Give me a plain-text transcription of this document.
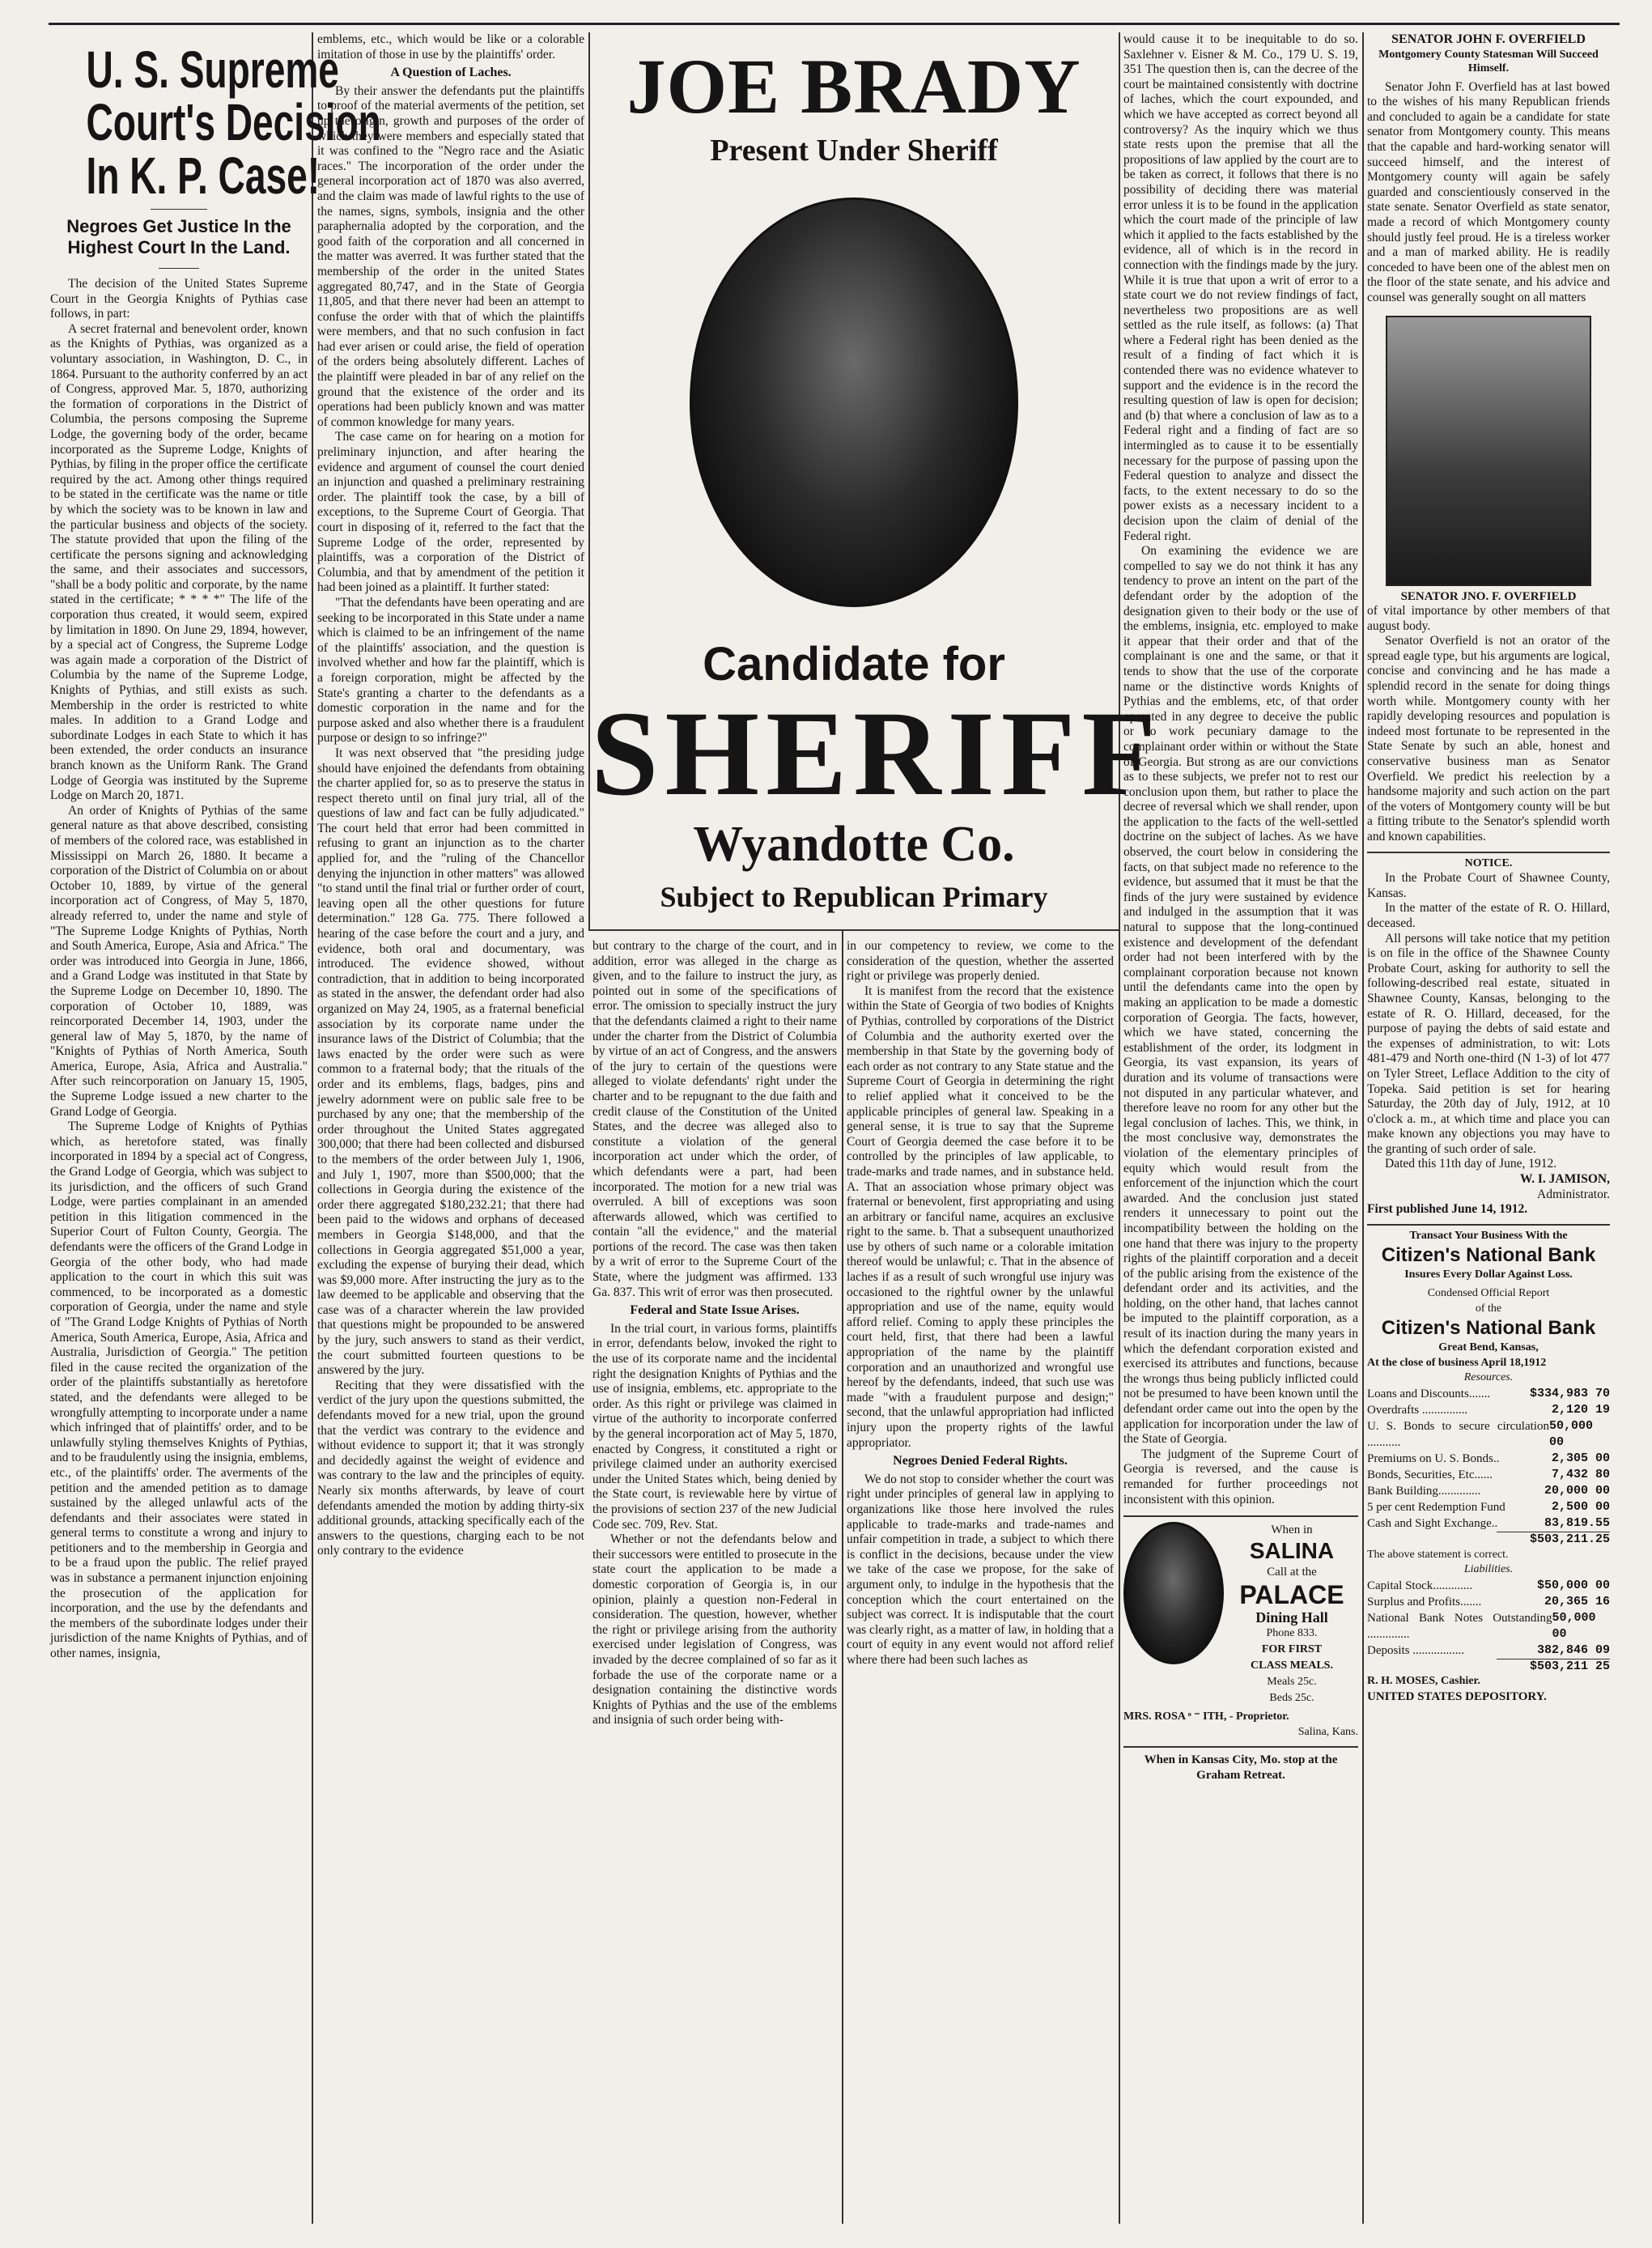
U. S. Supreme
Court's Decision
In K. P. Case!
Negroes Get Justice In the Highest Court In the Land.

The decision of the United States Supreme Court in the Georgia Knights of Pythias case follows, in part:

A secret fraternal and benevolent order, known as the Knights of Pythias, was organized as a voluntary association, in Washington, D. C., in 1864. Pursuant to the authority conferred by an act of Congress, approved Mar. 5, 1870, authorizing the formation of corporations in the District of Columbia, the persons composing the Supreme Lodge, the governing body of the order, became incorporated as the Supreme Lodge, Knights of Pythias, by filing in the proper office the certificate required by the act. Among other things required to be stated in the certificate was the name or title by which the society was to be known in law and the particular business and objects of the society. The statute provided that upon the filing of the certificate the persons signing and acknowledging the same, and their associates and successors, "shall be a body politic and corporate, by the name stated in the certificate; * * * *" The life of the corporation thus created, it would seem, expired by limitation in 1890. On June 29, 1894, however, by a special act of Congress, the Supreme Lodge was again made a corporation of the District of Columbia by the name of the Supreme Lodge, Knights of Pythias, and still exists as such. Membership in the order is restricted to white males. In addition to a Grand Lodge and subordinate Lodges in each State to which it has been extended, the order conducts an insurance branch known as the Uniform Rank. The Grand Lodge of Georgia was instituted by the Supreme Lodge on March 20, 1871.

An order of Knights of Pythias of the same general nature as that above described, consisting of members of the colored race, was established in Mississippi on March 26, 1880. It became a corporation of the District of Columbia on or about October 10, 1889, by virtue of the general incorporation act of Congress, of May 5, 1870, already referred to, under the name and style of "The Supreme Lodge Knights of Pythias, North and South America, Europe, Asia and Africa." The order was introduced into Georgia in June, 1866, and a Grand Lodge was instituted in that State by the Supreme Lodge on December 10, 1890. The corporation of October 10, 1889, was reincorporated December 14, 1903, under the general law of May 5, 1870, by the name of "Knights of Pythias of North America, South America, Europe, Asia, Africa and Australia." After such reincorporation on January 15, 1905, the Supreme Lodge issued a new charter to the Grand Lodge of Georgia.

The Supreme Lodge of Knights of Pythias which, as heretofore stated, was finally incorporated in 1894 by a special act of Congress, the Grand Lodge of Georgia, which was subject to its jurisdiction, and the officers of such Grand Lodge, were parties complainant in an amended petition in this litigation commenced in the Superior Court of Fulton County, Georgia. The defendants were the officers of the Grand Lodge in Georgia of the other body, who had made application to the court in which this suit was commenced, to be incorporated as a domestic corporation of Georgia, under the name and style of "The Grand Lodge Knights of Pythias of North America, South America, Europe, Asia, Africa and Australia, Jurisdiction of Georgia." The petition filed in the cause recited the organization of the order of the plaintiffs substantially as heretofore stated, and the defendants were alleged to be wrongfully attempting to incorporate under a name which infringed that of plaintiffs' order, and to be unlawfully styling themselves Knights of Pythias, and to be fraudulently using the insignia, emblems, etc., of the plaintiffs' order. The averments of the petition and the amended petition as to damage sustained by the alleged unlawful acts of the defendants and their associates were stated in general terms to constitute a wrong and injury to petitioners and to the membership in Georgia and to be a fraud upon the public. The relief prayed was in substance a permanent injunction enjoining the prosecution of the application for incorporation, and the use by the defendants and the members of the subordinate lodges under their jurisdiction of the name Knights of Pythias, and of other names, insignia,

emblems, etc., which would be like or a colorable imitation of those in use by the plaintiffs' order.

A Question of Laches.

By their answer the defendants put the plaintiffs to proof of the material averments of the petition, set up the origin, growth and purposes of the order of which they were members and especially stated that it was confined to the "Negro race and the Asiatic races." The incorporation of the order under the general incorporation act of 1870 was also averred, and the claim was made of lawful rights to the use of the names, signs, symbols, insignia and the other paraphernalia adopted by the corporation, and the good faith of the corporation and all concerned in the matter was averred. It was further stated that the membership of the order in the united States aggregated 80,747, and in the State of Georgia 11,805, and that there never had been an attempt to confuse the order with that of which the plaintiffs were members, and that no such confusion in fact had ever arisen or could arise, the field of operation of the orders being absolutely different. Laches of the plaintiff were pleaded in bar of any relief on the ground that the existence of the order and its operations had been publicly known and was matter of common knowledge for many years.

The case came on for hearing on a motion for preliminary injunction, and after hearing the evidence and argument of counsel the court denied an injunction and quashed a preliminary restraining order. The plaintiff took the case, by a bill of exceptions, to the Supreme Court of Georgia. That court in disposing of it, referred to the fact that the Supreme Lodge of the order, represented by plaintiffs, was a corporation of the District of Columbia, and that by amendment of the petition it had been joined as a plaintiff. It further stated:

"That the defendants have been operating and are seeking to be incorporated in this State under a name which is claimed to be an infringement of the name of the plaintiffs' association, and the question is involved whether and how far the plaintiff, which is a foreign corporation, might be affected by the State's granting a charter to the defendants as a domestic corporation in the name and for the purpose asked and also whether there is a fraudulent purpose or design to so infringe?"

It was next observed that "the presiding judge should have enjoined the defendants from obtaining the charter applied for, so as to preserve the status in respect thereto until on final jury trial, all of the questions of law and fact can be fully adjudicated." The court held that error had been committed in refusing to grant an injunction as to the charter applied for, and the "ruling of the Chancellor denying the injunction in other matters" was allowed "to stand until the final trial or further order of court, leaving open all the other questions for future determination." 128 Ga. 775. There followed a hearing of the case before the court and a jury, and evidence, both oral and documentary, was introduced. The evidence showed, without contradiction, that in addition to being incorporated as stated in the answer, the defendant order had also organized on May 24, 1905, as a fraternal beneficial association by its corporate name under the insurance laws of the District of Columbia; that the laws enacted by the order were such as were common to a fraternal body; that the rituals of the order and its emblems, flags, badges, pins and jewelry adornment were on public sale free to be purchased by any one; that the membership of the order throughout the United States aggregated 300,000; that there had been collected and disbursed to the members of the order between July 1, 1906, and July 1, 1907, more than $500,000; that the collections in Georgia during the existence of the order there aggregated $180,232.21; that there had been paid to the widows and orphans of deceased members in Georgia $148,000, and that the collections in Georgia aggregated $51,000 a year, excluding the expense of burying their dead, which was $9,000 more. After instructing the jury as to the law deemed to be applicable and observing that the case was of a character wherein the law provided that questions might be propounded to be answered by the jury, such answers to stand as their verdict, the court submitted fourteen questions to be answered by the jury.

Reciting that they were dissatisfied with the verdict of the jury upon the questions submitted, the defendants moved for a new trial, upon the ground that the verdict was contrary to the evidence and without evidence to support it; that it was strongly and decidedly against the weight of evidence and was contrary to the law and the principles of equity. Nearly six months afterwards, by leave of court defendants amended the motion by adding thirty-six additional grounds, attacking specifically each of the answers to the questions, charging each to be not only contrary to the evidence

JOE BRADY
Present Under Sheriff
Candidate for
SHERIFF
Wyandotte Co.
Subject to Republican Primary

but contrary to the charge of the court, and in addition, error was alleged in the charge as given, and to the failure to instruct the jury, as pointed out in some of the specifications of error. The omission to specially instruct the jury that the defendants claimed a right to their name under the charter from the District of Columbia by virtue of an act of Congress, and the answers of the jury to certain of the questions were alleged to violate defendants' right under the charter and to be repugnant to the due faith and credit clause of the Constitution of the United States, and the decree was alleged also to constitute a violation of the general incorporation act under which the order, of which defendants were a part, had been incorporated. The motion for a new trial was overruled. A bill of exceptions was soon afterwards allowed, which was certified to contain "all the evidence," and the material portions of the record. The case was then taken by a writ of error to the Supreme Court of the State, where the judgment was affirmed. 133 Ga. 837. This writ of error was then prosecuted.

Federal and State Issue Arises.

In the trial court, in various forms, plaintiffs in error, defendants below, invoked the right to the use of its corporate name and the incidental right the designation Knights of Pythias and the use of insignia, emblems, etc. appropriate to the order. As this right or privilege was claimed in virtue of the authority to incorporate conferred by the general incorporation act of May 5, 1870, enacted by Congress, it constituted a right or privilege claimed under an authority exercised under the United States which, being denied by the State court, is reviewable here by virtue of the provisions of section 237 of the new Judicial Code sec. 709, Rev. Stat.

Whether or not the defendants below and their successors were entitled to prosecute in the state court the application to be made a domestic corporation of Georgia is, in our opinion, plainly a question non-Federal in consideration. The question, however, whether the right or privilege arising from the authority exercised under legislation of Congress, was invaded by the decree complained of so far as it forbade the use of the corporate name or a designation containing the distinctive words Knights of Pythias and the use of the emblems and insignia of such order being with-

in our competency to review, we come to the consideration of the question, whether the asserted right or privilege was properly denied.

It is manifest from the record that the existence within the State of Georgia of two bodies of Knights of Pythias, controlled by corporations of the District of Columbia and the authority exerted over the membership in that State by the governing body of each order as not contrary to any State statue and the Supreme Court of Georgia in determining the right to relief applied what it conceived to be the applicable principles of general law. Speaking in a general sense, it is true to say that the Supreme Court of Georgia deemed the case before it to be controlled by the principles of law applicable, to trade-marks and trade names, and in substance held. A. That an association whose primary object was fraternal or benevolent, first appropriating and using an arbitrary or fanciful name, acquires an exclusive right to the same. b. That a subsequent unauthorized use by others of such name or a colorable imitation thereof would be unlawful; c. That in the absence of laches if as a result of such wrongful use injury was occasioned to the rightful owner by the unlawful appropriation and use of the name, equity would afford relief. Coming to apply these principles the court held, first, that there had been a lawful appropriation of the name by the plaintiff corporation and an unauthorized and wrongful use hereof by the defendants, indeed, that such use was made "with a fraudulent purpose and design;" second, that the unlawful appropriation had inflicted injury upon the property rights of the lawful appropriator.

Negroes Denied Federal Rights.

We do not stop to consider whether the court was right under principles of general law in applying to organizations like those here involved the rules applicable to trade-marks and trade-names and unfair competition in trade, a subject to which there is conflict in the decisions, because under the view we take of the case we propose, for the sake of argument only, to indulge in the hypothesis that the conception which the court entertained on the subject was correct. It is indisputable that the court was clearly right, as a matter of law, in holding that a court of equity in any event would not afford relief where there had been such laches as

would cause it to be inequitable to do so. Saxlehner v. Eisner & M. Co., 179 U. S. 19, 351 The question then is, can the decree of the court be maintained consistently with doctrine of laches, which the court expounded, and which we have accepted as correct beyond all controversy? As the inquiry which we thus state rests upon the premise that all the propositions of law applied by the court are to be taken as correct, it follows that there is no possibility of deciding there was material error unless it is to be found in the application which the court made of the principle of law which it applied to the facts established by the evidence, all of which is in the record in connection with the findings made by the jury. While it is true that upon a writ of error to a state court we do not review findings of fact, nevertheless two propositions are as well settled as the rule itself, as follows: (a) That where a Federal right has been denied as the result of a finding of fact which it is contended there was no evidence whatever to support and the evidence is in the record the resulting question of law is open for decision; and (b) that where a conclusion of law as to a Federal right and a finding of fact are so intermingled as to cause it to be essentially necessary for the purpose of passing upon the Federal question to analyze and dissect the facts, to the extent necessary to do so the power exists as a necessary incident to a decision upon the claim of denial of the Federal right.

On examining the evidence we are compelled to say we do not think it has any tendency to prove an intent on the part of the defendant order by the adoption of the designation given to their body or the use of the emblems, insignia, etc. employed to make it appear that their order and that of the complainant is one and the same, or that it tends to show that the use of the corporate name or the distinctive words Knights of Pythias and the emblems, etc, of that order operated in any degree to deceive the public or to work pecuniary damage to the complainant order within or without the State of Georgia. But strong as are our convictions as to these subjects, we prefer not to rest our conclusion upon them, but rather to place the decree of reversal which we shall render, upon the application to the facts of the well-settled doctrine on the subject of laches. As we have observed, the court below in considering the facts, on that subject made no reference to the evidence, but assumed that it must be that the finds of the jury were sustained by evidence and indulged in the assumption that it was natural to suppose that the long-continued existence and development of the defendant order had not been interfered with by the complainant corporation because not known until the defendants came into the open by making an application to be made a domestic corporation of Georgia. The facts, however, which we have stated, concerning the establishment of the order, its lodgment in Georgia, its vast expansion, its years of duration and its volume of transactions were not disputed in any particular whatever, and therefore leave no room for any other but the legal conclusion of laches. This, we think, in the most conclusive way, demonstrates the violation of the elementary principles of equity which would result from the enforcement of the injunction which the court awarded. And the conclusion just stated renders it unnecessary to point out the incompatibility between the holding on the one hand that there was injury to the property rights of the plaintiff corporation and a deceit of the public arising from the existence of the defendant order and its activities, and the holding, on the other hand, that laches cannot be imputed to the plaintiff corporation, as a result of its inaction during the many years in which the defendant corporation existed and exercised its attributes and functions, because the wrongs thus being publicly inflicted could not be presumed to have been known until the defendant order came out into the open by the application for incorporation under the law of the State of Georgia.

The judgment of the Supreme Court of Georgia is reversed, and the cause is remanded for further proceedings not inconsistent with this opinion.

When in
SALINA
Call at the
PALACE
Dining Hall
Phone 833.
FOR FIRST
CLASS MEALS.
Meals 25c.
Beds 25c.
MRS. ROSA ᵒ ⁻ ITH, - Proprietor.
Salina, Kans.
When in Kansas City, Mo. stop at the Graham Retreat.
SENATOR JOHN F. OVERFIELD
Montgomery County Statesman Will Succeed Himself.

Senator John F. Overfield has at last bowed to the wishes of his many Republican friends and concluded to again be a candidate for state senator from Montgomery county. This means that the capable and hard-working senator will succeed himself, and the interest of Montgomery county will again be safely guarded and conscientiously conserved in the state senate. Senator Overfield as state senator, made a record of which Montgomery county should justly feel proud. He is a tireless worker and a man of marked ability. He is readily conceded to have been one of the ablest men on the floor of the state senate, and his advice and counsel was generally sought on all matters

SENATOR JNO. F. OVERFIELD

of vital importance by other members of that august body.

Senator Overfield is not an orator of the spread eagle type, but his arguments are logical, concise and convincing and he has made a splendid record in the senate for doing things worth while. Montgomery county with her rapidly developing resources and population is indeed most fortunate to be represented in the State Senate by such an able, honest and conservative business man as Senator Overfield. We predict his reelection by a handsome majority and such action on the part of the voters of Montgomery county will be but a fitting tribute to the Senator's splendid worth and known capabilities.

NOTICE.

In the Probate Court of Shawnee County, Kansas.

In the matter of the estate of R. O. Hillard, deceased.

All persons will take notice that my petition is on file in the office of the Shawnee County Probate Court, asking for authority to sell the following-described real estate, situated in Shawnee County, Kansas, belonging to the estate of R. O. Hillard, deceased, for the purpose of paying the debts of said estate and the expenses of administration, to wit: Lots 481-479 and North one-third (N 1-3) of lot 477 on Tyler Street, Leflace Addition to the city of Topeka. Said petition is set for hearing Saturday, the 20th day of July, 1912, at 10 o'clock a. m., at which time and place you can make known any objections you may have to the granting of such order of sale.

Dated this 11th day of June, 1912.

W. I. JAMISON,
Administrator.
First published June 14, 1912.
Transact Your Business With the
Citizen's National Bank
Insures Every Dollar Against Loss.
Condensed Official Report
of the
Citizen's National Bank
Great Bend, Kansas,
At the close of business April 18,1912
Resources.
Loans and Discounts.......	$334,983 70
Overdrafts ...............	2,120 19
U. S. Bonds to secure circulation ...........
50,000 00
Premiums on U. S. Bonds..	2,305 00
Bonds, Securities, Etc......	7,432 80
Bank Building..............	20,000 00
5 per cent Redemption Fund	2,500 00
Cash and Sight Exchange..	83,819.55
$503,211.25
The above statement is correct.
Liabilities.
Capital Stock.............	$50,000 00
Surplus and Profits.......	20,365 16
National Bank Notes Outstanding ..............
50,000 00
Deposits .................	382,846 09
$503,211 25
R. H. MOSES, Cashier.
UNITED STATES DEPOSITORY.
